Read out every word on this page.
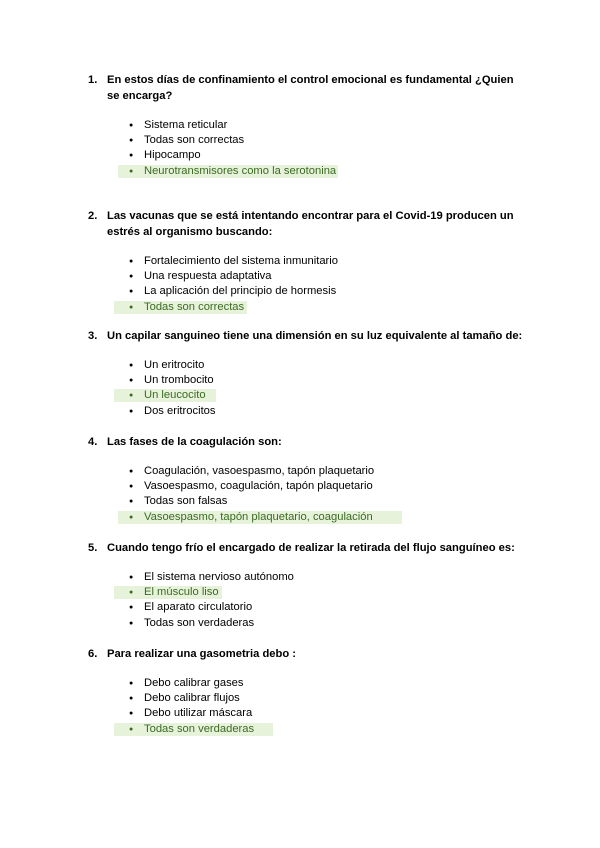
1. En estos días de confinamiento el control emocional es fundamental ¿Quien se encarga?
● Sistema reticular
● Todas son correctas
● Hipocampo
● Neurotransmisores como la serotonina
2. Las vacunas que se está intentando encontrar para el Covid-19 producen un estrés al organismo buscando:
● Fortalecimiento del sistema inmunitario
● Una respuesta adaptativa
● La aplicación del principio de hormesis
● Todas son correctas
3. Un capilar sanguineo tiene una dimensión en su luz equivalente al tamaño de:
● Un eritrocito
● Un trombocito
● Un leucocito
● Dos eritrocitos
4. Las fases de la coagulación son:
● Coagulación, vasoespasmo, tapón plaquetario
● Vasoespasmo, coagulación, tapón plaquetario
● Todas son falsas
● Vasoespasmo, tapón plaquetario, coagulación
5. Cuando tengo frío el encargado de realizar la retirada del flujo sanguíneo es:
● El sistema nervioso autónomo
● El músculo liso
● El aparato circulatorio
● Todas son verdaderas
6. Para realizar una gasometria debo :
● Debo calibrar gases
● Debo calibrar flujos
● Debo utilizar máscara
● Todas son verdaderas
